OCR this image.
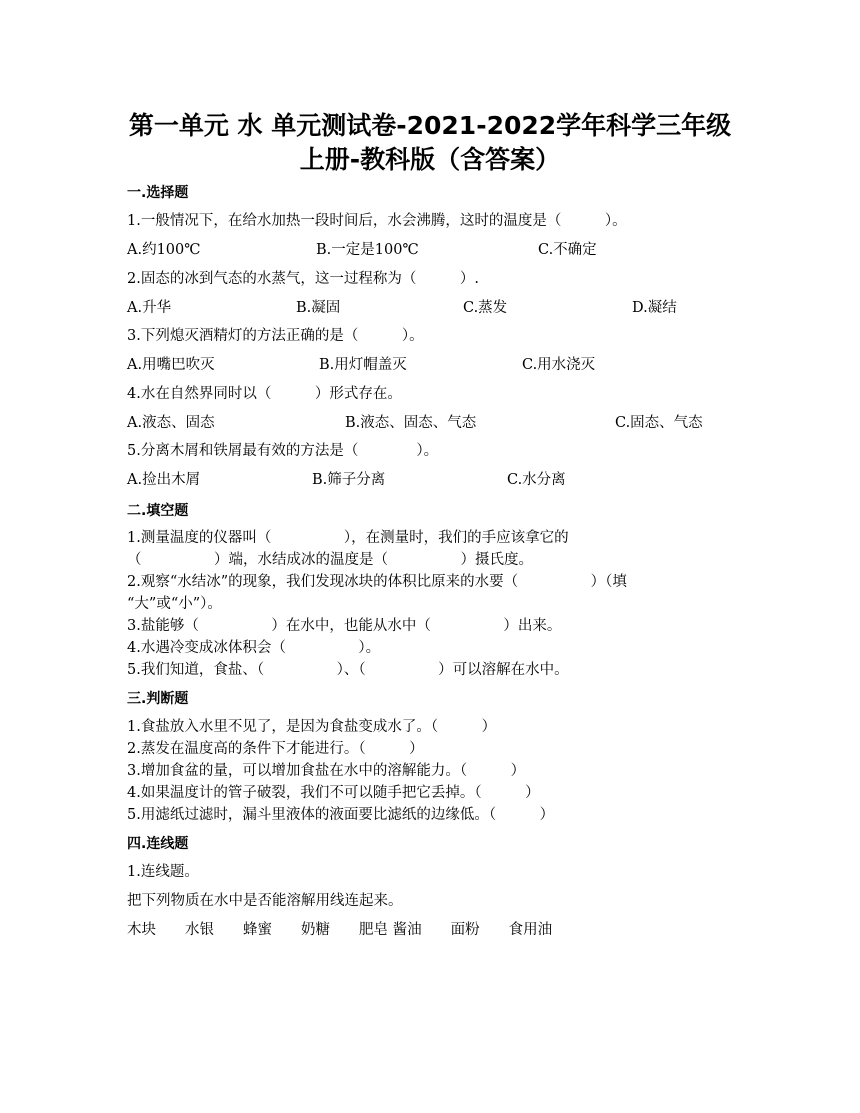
第一单元 水 单元测试卷-2021-2022学年科学三年级
上册-教科版（含答案）
一.选择题
1.一般情况下，在给水加热一段时间后，水会沸腾，这时的温度是（　　　）。
A.约100℃	B.一定是100℃	C.不确定
2.固态的冰到气态的水蒸气，这一过程称为（　　　）.
A.升华	B.凝固	C.蒸发	D.凝结
3.下列熄灭酒精灯的方法正确的是（　　　）。
A.用嘴巴吹灭	B.用灯帽盖灭	C.用水浇灭
4.水在自然界同时以（　　　）形式存在。
A.液态、固态	B.液态、固态、气态	C.固态、气态
5.分离木屑和铁屑最有效的方法是（　　　　）。
A.捡出木屑	B.筛子分离	C.水分离
二.填空题
1.测量温度的仪器叫（　　　　　），在测量时，我们的手应该拿它的
（　　　　　）端，水结成冰的温度是（　　　　　）摄氏度。
2.观察“水结冰”的现象，我们发现冰块的体积比原来的水要（　　　　　）（填
“大”或“小”）。
3.盐能够（　　　　　）在水中，也能从水中（　　　　　）出来。
4.水遇冷变成冰体积会（　　　　　）。
5.我们知道，食盐、（　　　　　）、（　　　　　）可以溶解在水中。
三.判断题
1.食盐放入水里不见了，是因为食盐变成水了。（　　　）
2.蒸发在温度高的条件下才能进行。（　　　）
3.增加食盆的量，可以增加食盐在水中的溶解能力。（　　　）
4.如果温度计的管子破裂，我们不可以随手把它丢掉。（　　　）
5.用滤纸过滤时，漏斗里液体的液面要比滤纸的边缘低。（　　　）
四.连线题
1.连线题。
把下列物质在水中是否能溶解用线连起来。
木块　　水银　　蜂蜜　　奶糖　　肥皂 酱油　　面粉　　食用油
